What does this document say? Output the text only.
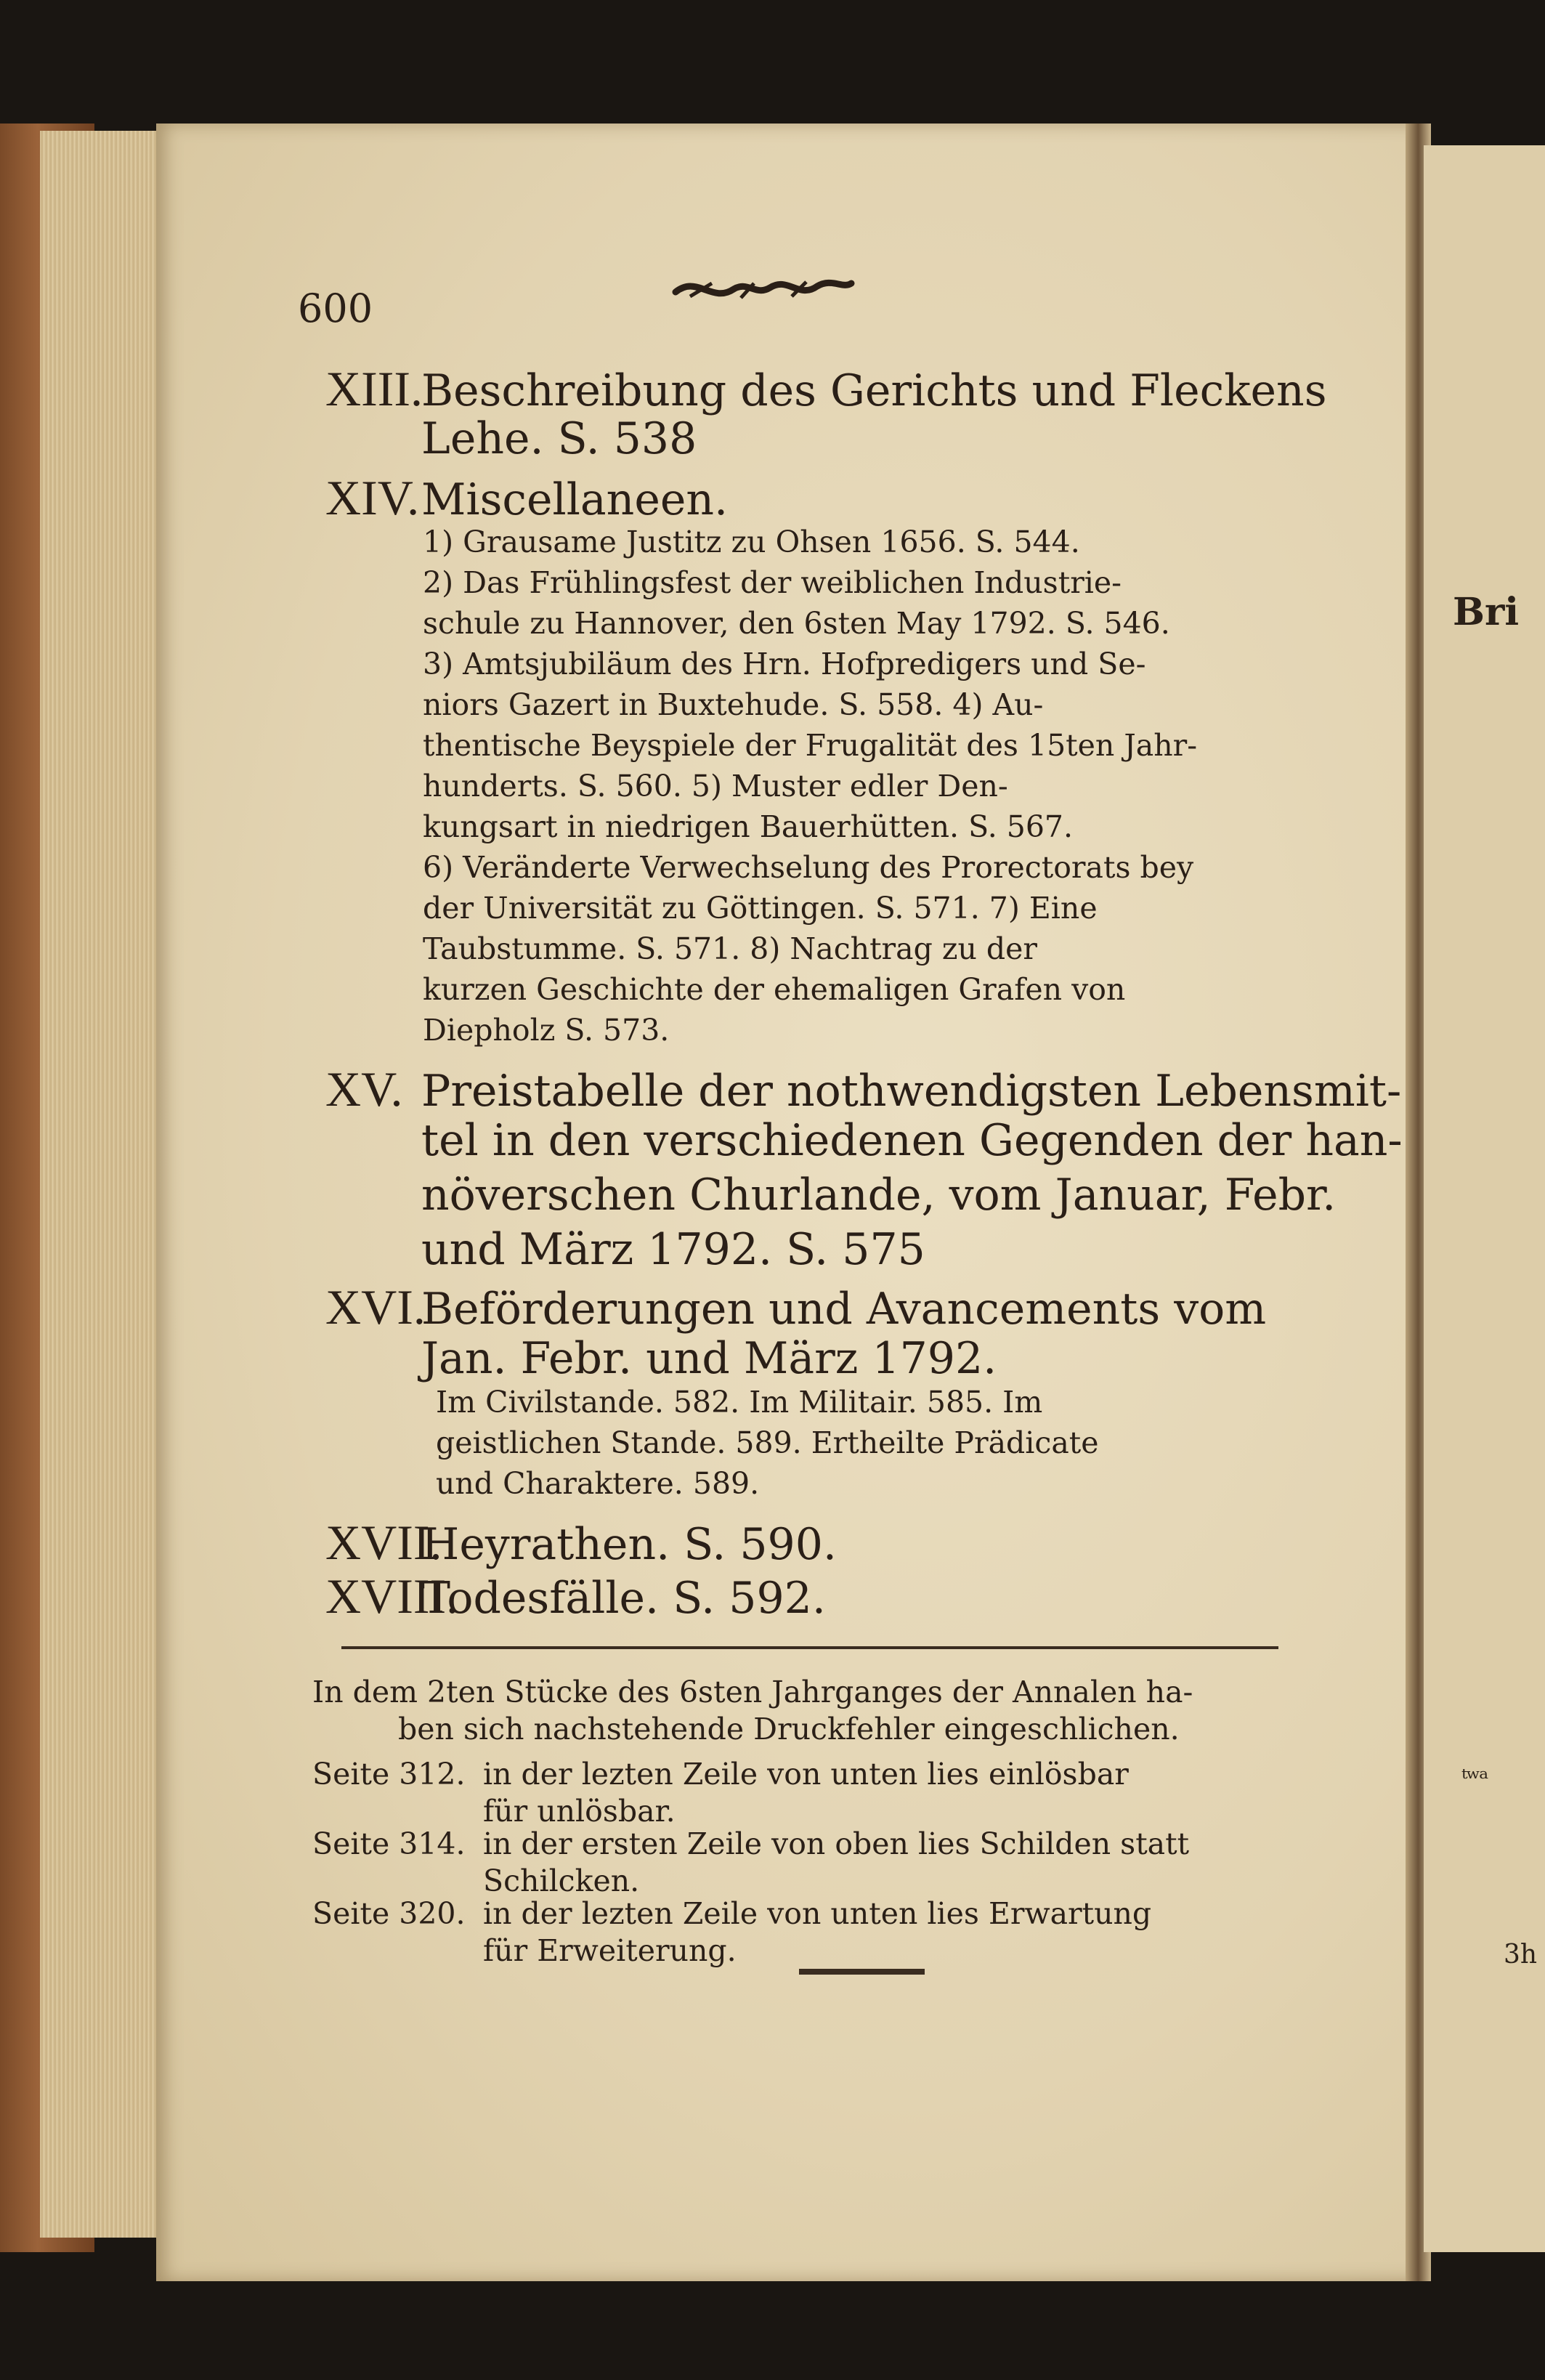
Bri
ᵗʷᵃ
3h
600
XIII.Beschreibung des Gerichts und Fleckens
Lehe. S. 538
XIV.Miscellaneen.
1) Grausame Justitz zu Ohsen 1656. S. 544.
2) Das Frühlingsfest der weiblichen Industrie-
schule zu Hannover, den 6sten May 1792. S. 546.
3) Amtsjubiläum des Hrn. Hofpredigers und Se-
niors Gazert in Buxtehude. S. 558. 4) Au-
thentische Beyspiele der Frugalität des 15ten Jahr-
hunderts. S. 560. 5) Muster edler Den-
kungsart in niedrigen Bauerhütten. S. 567.
6) Veränderte Verwechselung des Prorectorats bey
der Universität zu Göttingen. S. 571. 7) Eine
Taubstumme. S. 571. 8) Nachtrag zu der
kurzen Geschichte der ehemaligen Grafen von
Diepholz S. 573.
XV. Preistabelle der nothwendigsten Lebensmit-
tel in den verschiedenen Gegenden der han-
növerschen Churlande, vom Januar, Febr.
und März 1792. S. 575
XVI.Beförderungen und Avancements vom
Jan. Febr. und März 1792.
Im Civilstande. 582. Im Militair. 585. Im
geistlichen Stande. 589. Ertheilte Prädicate
und Charaktere. 589.
XVII.Heyrathen. S. 590.
XVIII.Todesfälle. S. 592.
In dem 2ten Stücke des 6sten Jahrganges der Annalen ha-
ben sich nachstehende Druckfehler eingeschlichen.
Seite 312. in der lezten Zeile von unten lies einlösbar
für unlösbar.
Seite 314. in der ersten Zeile von oben lies Schilden statt
Schilcken.
Seite 320. in der lezten Zeile von unten lies Erwartung
für Erweiterung.
